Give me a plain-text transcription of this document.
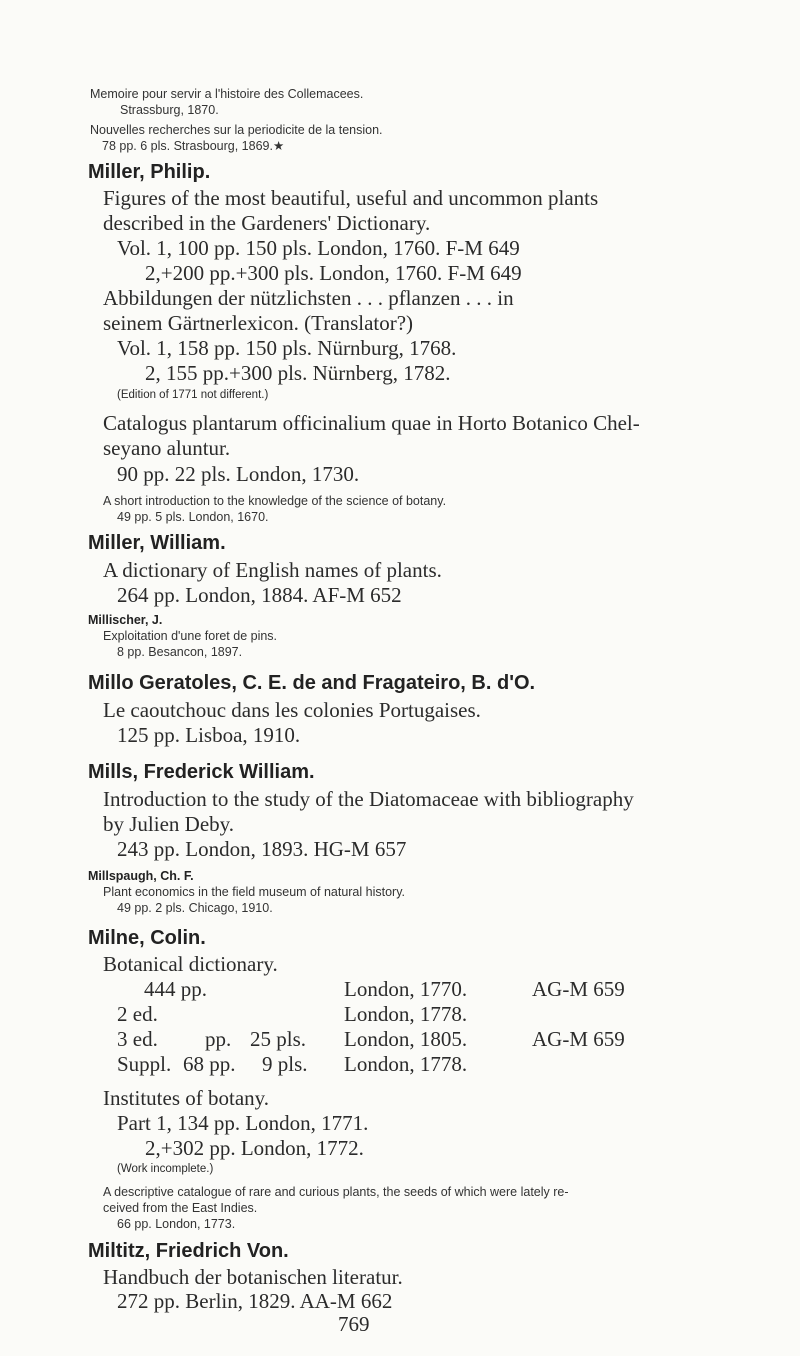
Memoire pour servir a l'histoire des Collemacees.
Strassburg, 1870.
Nouvelles recherches sur la periodicite de la tension.
78 pp. 6 pls. Strasbourg, 1869.★
Miller, Philip.
Figures of the most beautiful, useful and uncommon plants
described in the Gardeners' Dictionary.
Vol. 1, 100 pp. 150 pls. London, 1760. F-M 649
2,+200 pp.+300 pls. London, 1760. F-M 649
Abbildungen der nützlichsten . . . pflanzen . . . in
seinem Gärtnerlexicon. (Translator?)
Vol. 1, 158 pp. 150 pls. Nürnburg, 1768.
2, 155 pp.+300 pls. Nürnberg, 1782.
(Edition of 1771 not different.)
Catalogus plantarum officinalium quae in Horto Botanico Chel-
seyano aluntur.
90 pp. 22 pls. London, 1730.
A short introduction to the knowledge of the science of botany.
49 pp. 5 pls. London, 1670.
Miller, William.
A dictionary of English names of plants.
264 pp. London, 1884. AF-M 652
Millischer, J.
Exploitation d'une foret de pins.
8 pp. Besancon, 1897.
Millo Geratoles, C. E. de and Fragateiro, B. d'O.
Le caoutchouc dans les colonies Portugaises.
125 pp. Lisboa, 1910.
Mills, Frederick William.
Introduction to the study of the Diatomaceae with bibliography
by Julien Deby.
243 pp. London, 1893. HG-M 657
Millspaugh, Ch. F.
Plant economics in the field museum of natural history.
49 pp. 2 pls. Chicago, 1910.
Milne, Colin.
Botanical dictionary.
444 pp.	London, 1770.	AG-M 659
2 ed.	London, 1778.
3 ed. pp. 25 pls. London, 1805.	AG-M 659
Suppl. 68 pp. 9 pls. London, 1778.
Institutes of botany.
Part 1, 134 pp. London, 1771.
2,+302 pp. London, 1772.
(Work incomplete.)
A descriptive catalogue of rare and curious plants, the seeds of which were lately re-
ceived from the East Indies.
66 pp. London, 1773.
Miltitz, Friedrich Von.
Handbuch der botanischen literatur.
272 pp. Berlin, 1829. AA-M 662
769
